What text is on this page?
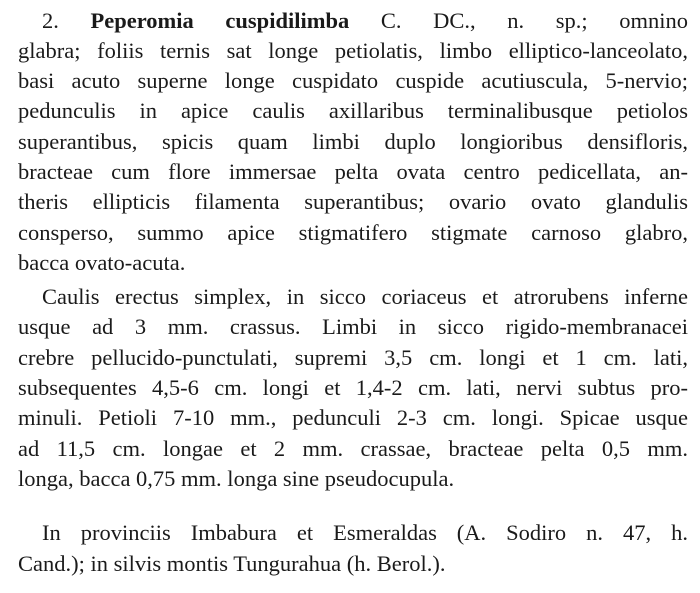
2. Peperomia cuspidilimba C. DC., n. sp.; omnino
glabra; foliis ternis sat longe petiolatis, limbo elliptico-lanceolato,
basi acuto superne longe cuspidato cuspide acutiuscula, 5-nervio;
pedunculis in apice caulis axillaribus terminalibusque petiolos
superantibus, spicis quam limbi duplo longioribus densifloris,
bracteae cum flore immersae pelta ovata centro pedicellata, an-
theris ellipticis filamenta superantibus; ovario ovato glandulis
consperso, summo apice stigmatifero stigmate carnoso glabro,
bacca ovato-acuta.
Caulis erectus simplex, in sicco coriaceus et atrorubens inferne
usque ad 3 mm. crassus. Limbi in sicco rigido-membranacei
crebre pellucido-punctulati, supremi 3,5 cm. longi et 1 cm. lati,
subsequentes 4,5-6 cm. longi et 1,4-2 cm. lati, nervi subtus pro-
minuli. Petioli 7-10 mm., pedunculi 2-3 cm. longi. Spicae usque
ad 11,5 cm. longae et 2 mm. crassae, bracteae pelta 0,5 mm.
longa, bacca 0,75 mm. longa sine pseudocupula.
In provinciis Imbabura et Esmeraldas (A. Sodiro n. 47, h.
Cand.); in silvis montis Tungurahua (h. Berol.).
